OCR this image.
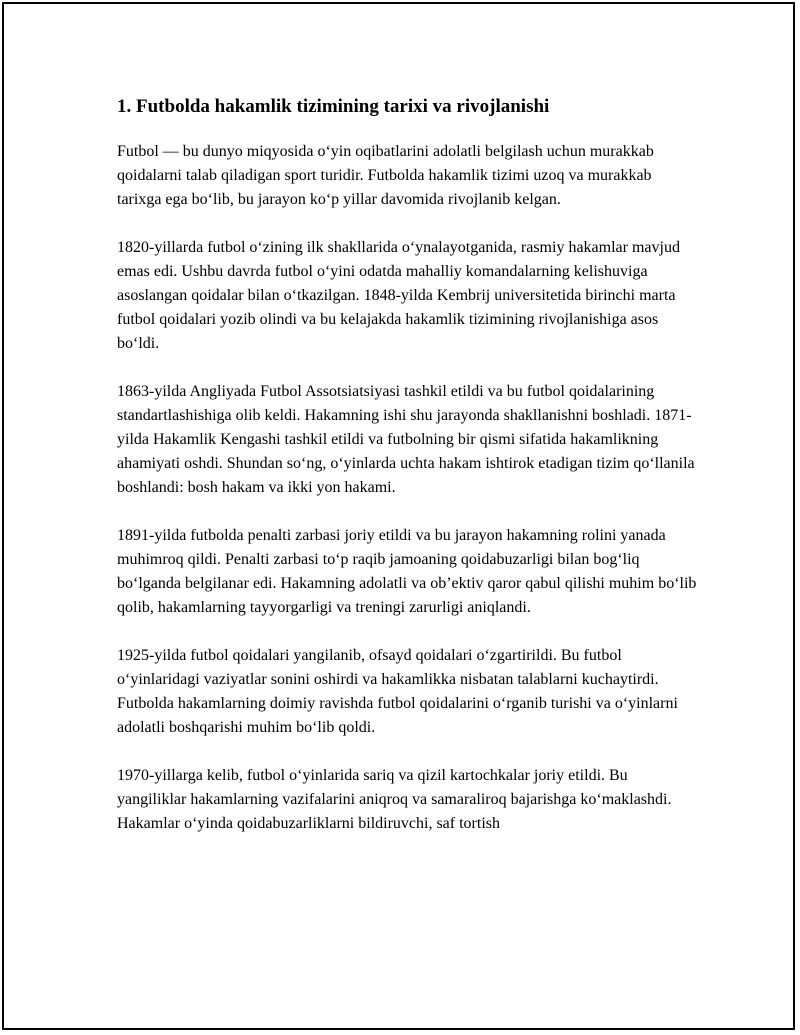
1. Futbolda hakamlik tizimining tarixi va rivojlanishi

Futbol — bu dunyo miqyosida o‘yin oqibatlarini adolatli belgilash uchun murakkab qoidalarni talab qiladigan sport turidir. Futbolda hakamlik tizimi uzoq va murakkab tarixga ega bo‘lib, bu jarayon ko‘p yillar davomida rivojlanib kelgan.

1820-yillarda futbol o‘zining ilk shakllarida o‘ynalayotganida, rasmiy hakamlar mavjud emas edi. Ushbu davrda futbol o‘yini odatda mahalliy komandalarning kelishuviga asoslangan qoidalar bilan o‘tkazilgan. 1848-yilda Kembrij universitetida birinchi marta futbol qoidalari yozib olindi va bu kelajakda hakamlik tizimining rivojlanishiga asos bo‘ldi.

1863-yilda Angliyada Futbol Assotsiatsiyasi tashkil etildi va bu futbol qoidalarining standartlashishiga olib keldi. Hakamning ishi shu jarayonda shakllanishni boshladi. 1871-yilda Hakamlik Kengashi tashkil etildi va futbolning bir qismi sifatida hakamlikning ahamiyati oshdi. Shundan so‘ng, o‘yinlarda uchta hakam ishtirok etadigan tizim qo‘llanila boshlandi: bosh hakam va ikki yon hakami.

1891-yilda futbolda penalti zarbasi joriy etildi va bu jarayon hakamning rolini yanada muhimroq qildi. Penalti zarbasi to‘p raqib jamoaning qoidabuzarligi bilan bog‘liq bo‘lganda belgilanar edi. Hakamning adolatli va ob’ektiv qaror qabul qilishi muhim bo‘lib qolib, hakamlarning tayyorgarligi va treningi zarurligi aniqlandi.

1925-yilda futbol qoidalari yangilanib, ofsayd qoidalari o‘zgartirildi. Bu futbol o‘yinlaridagi vaziyatlar sonini oshirdi va hakamlikka nisbatan talablarni kuchaytirdi. Futbolda hakamlarning doimiy ravishda futbol qoidalarini o‘rganib turishi va o‘yinlarni adolatli boshqarishi muhim bo‘lib qoldi.

1970-yillarga kelib, futbol o‘yinlarida sariq va qizil kartochkalar joriy etildi. Bu yangiliklar hakamlarning vazifalarini aniqroq va samaraliroq bajarishga ko‘maklashdi. Hakamlar o‘yinda qoidabuzarliklarni bildiruvchi, saf tortish
